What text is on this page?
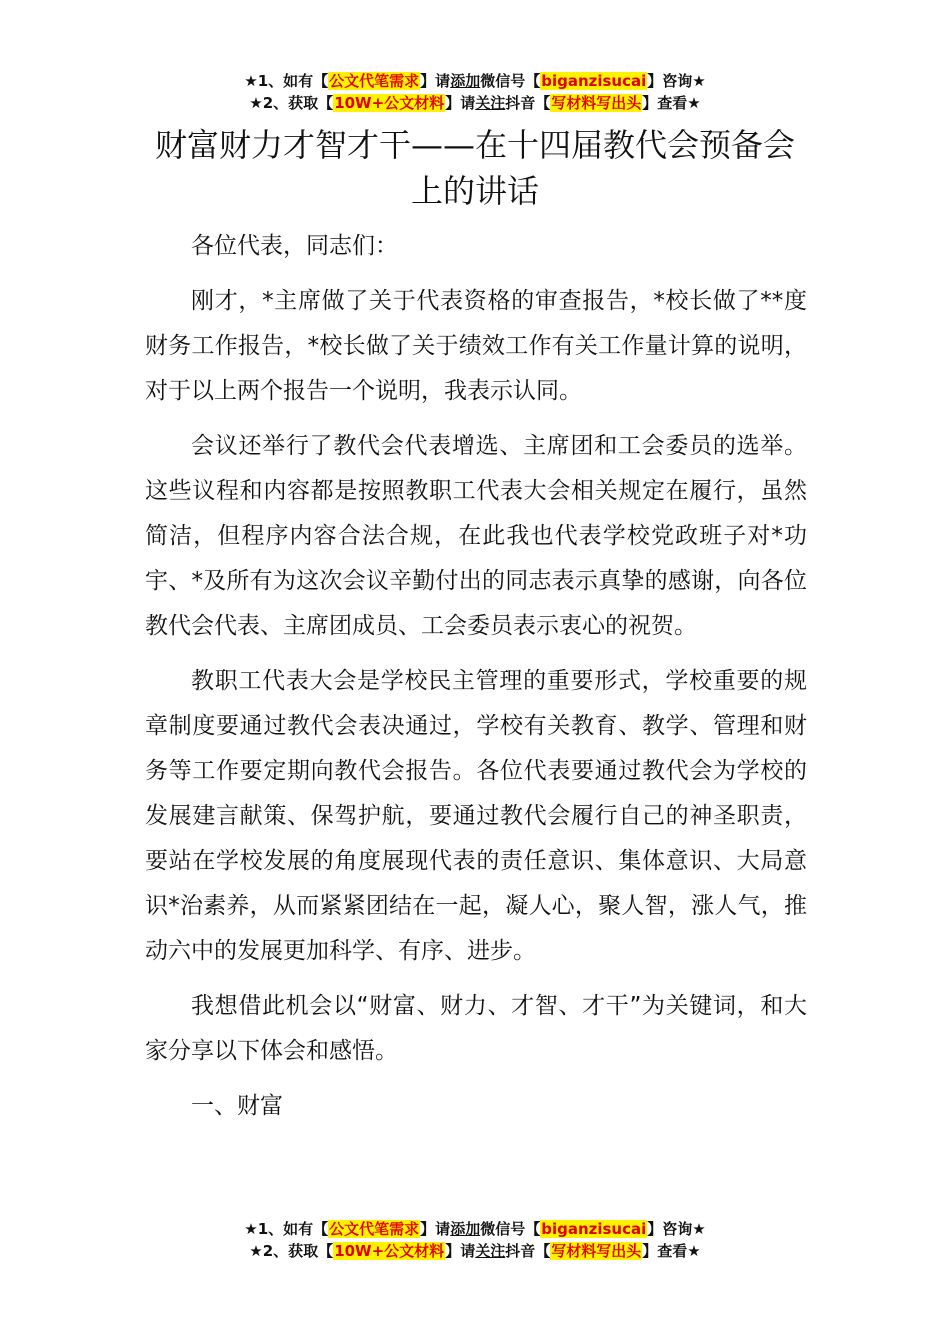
★1、如有【公文代笔需求】请添加微信号【biganzisucai】咨询★
★2、获取【10W+公文材料】请关注抖音【写材料写出头】查看★
财富财力才智才干——在十四届教代会预备会上的讲话

各位代表，同志们：

刚才，*主席做了关于代表资格的审查报告，*校长做了**度财务工作报告，*校长做了关于绩效工作有关工作量计算的说明，对于以上两个报告一个说明，我表示认同。

会议还举行了教代会代表增选、主席团和工会委员的选举。这些议程和内容都是按照教职工代表大会相关规定在履行，虽然简洁，但程序内容合法合规，在此我也代表学校党政班子对*功宇、*及所有为这次会议辛勤付出的同志表示真挚的感谢，向各位教代会代表、主席团成员、工会委员表示衷心的祝贺。

教职工代表大会是学校民主管理的重要形式，学校重要的规章制度要通过教代会表决通过，学校有关教育、教学、管理和财务等工作要定期向教代会报告。各位代表要通过教代会为学校的发展建言献策、保驾护航，要通过教代会履行自己的神圣职责，要站在学校发展的角度展现代表的责任意识、集体意识、大局意识*治素养，从而紧紧团结在一起，凝人心，聚人智，涨人气，推动六中的发展更加科学、有序、进步。

我想借此机会以“财富、财力、才智、才干”为关键词，和大家分享以下体会和感悟。

一、财富

★1、如有【公文代笔需求】请添加微信号【biganzisucai】咨询★
★2、获取【10W+公文材料】请关注抖音【写材料写出头】查看★
